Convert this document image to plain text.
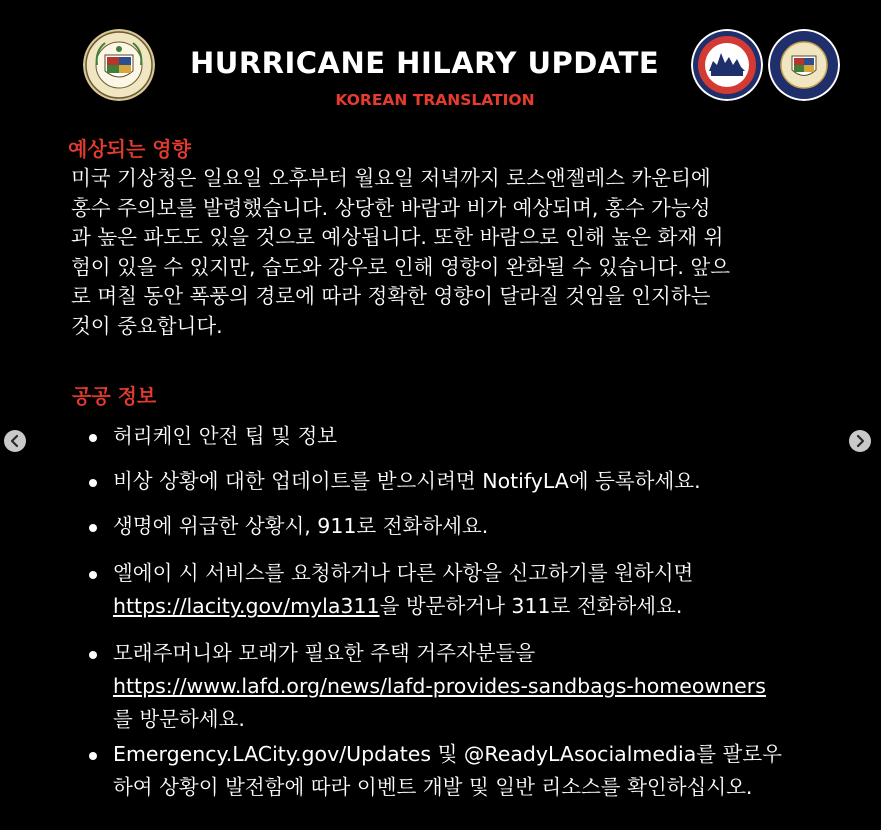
HURRICANE HILARY UPDATE
KOREAN TRANSLATION
예상되는 영향
미국 기상청은 일요일 오후부터 월요일 저녁까지 로스앤젤레스 카운티에
홍수 주의보를 발령했습니다. 상당한 바람과 비가 예상되며, 홍수 가능성
과 높은 파도도 있을 것으로 예상됩니다. 또한 바람으로 인해 높은 화재 위
험이 있을 수 있지만, 습도와 강우로 인해 영향이 완화될 수 있습니다. 앞으
로 며칠 동안 폭풍의 경로에 따라 정확한 영향이 달라질 것임을 인지하는
것이 중요합니다.
공공 정보
허리케인 안전 팁 및 정보
비상 상황에 대한 업데이트를 받으시려면 NotifyLA에 등록하세요.
생명에 위급한 상황시, 911로 전화하세요.
엘에이 시 서비스를 요청하거나 다른 사항을 신고하기를 원하시면
https://lacity.gov/myla311을 방문하거나 311로 전화하세요.
모래주머니와 모래가 필요한 주택 거주자분들을
https://www.lafd.org/news/lafd-provides-sandbags-homeowners
를 방문하세요.
Emergency.LACity.gov/Updates 및 @ReadyLAsocialmedia를 팔로우
하여 상황이 발전함에 따라 이벤트 개발 및 일반 리소스를 확인하십시오.
